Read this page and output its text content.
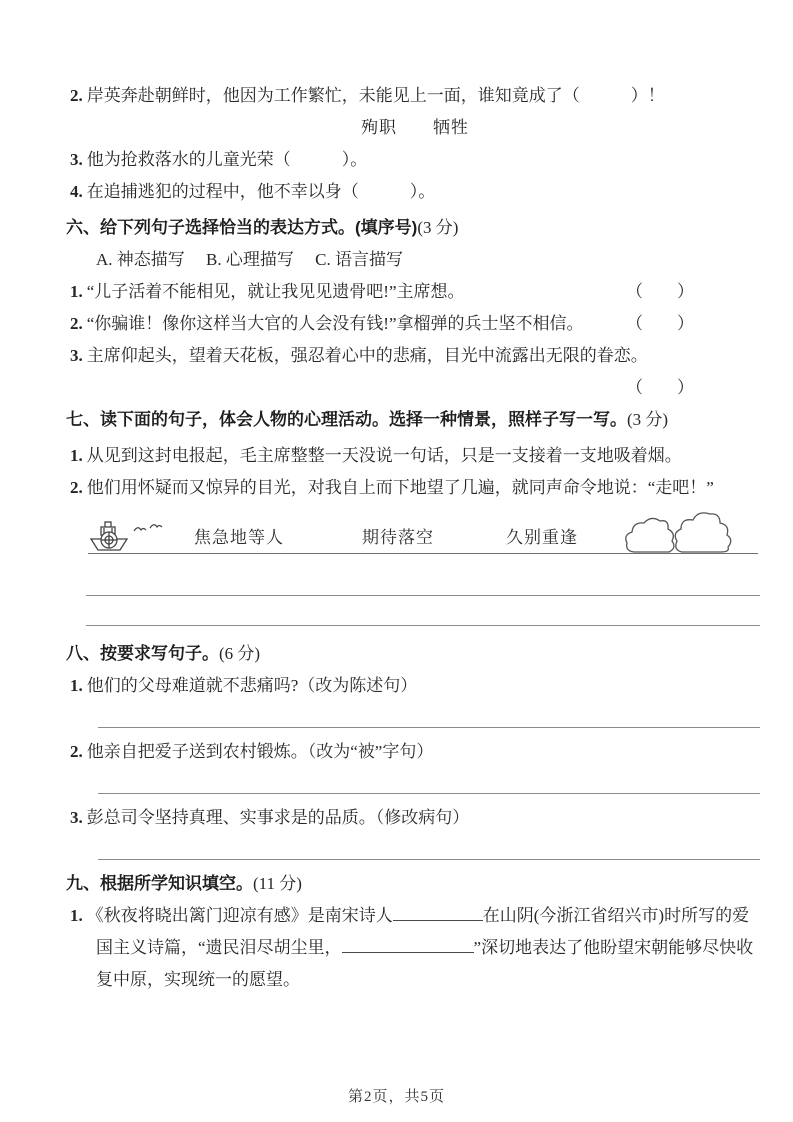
2. 岸英奔赴朝鲜时，他因为工作繁忙，未能见上一面，谁知竟成了（　　　）！

殉职　　牺牲

3. 他为抢救落水的儿童光荣（　　　）。

4. 在追捕逃犯的过程中，他不幸以身（　　　）。

六、给下列句子选择恰当的表达方式。(填序号)(3 分)

A. 神态描写　 B. 心理描写　 C. 语言描写

1. “儿子活着不能相见，就让我见见遗骨吧!”主席想。	（　　）
2. “你骗谁！像你这样当大官的人会没有钱!”拿榴弹的兵士坚不相信。	（　　）

3. 主席仰起头，望着天花板，强忍着心中的悲痛，目光中流露出无限的眷恋。

（　　）

七、读下面的句子，体会人物的心理活动。选择一种情景，照样子写一写。(3 分)

1. 从见到这封电报起，毛主席整整一天没说一句话，只是一支接着一支地吸着烟。

2. 他们用怀疑而又惊异的目光，对我自上而下地望了几遍，就同声命令地说：“走吧！”

焦急地等人	期待落空	久别重逢
八、按要求写句子。(6 分)

1. 他们的父母难道就不悲痛吗?（改为陈述句）

2. 他亲自把爱子送到农村锻炼。（改为“被”字句）

3. 彭总司令坚持真理、实事求是的品质。（修改病句）

九、根据所学知识填空。(11 分)

1. 《秋夜将晓出篱门迎凉有感》是南宋诗人	在山阴(今浙江省绍兴市)时所写的爱国主义诗篇，“遗民泪尽胡尘里，	”深切地表达了他盼望宋朝能够尽快收复中原，实现统一的愿望。

第2页，共5页
